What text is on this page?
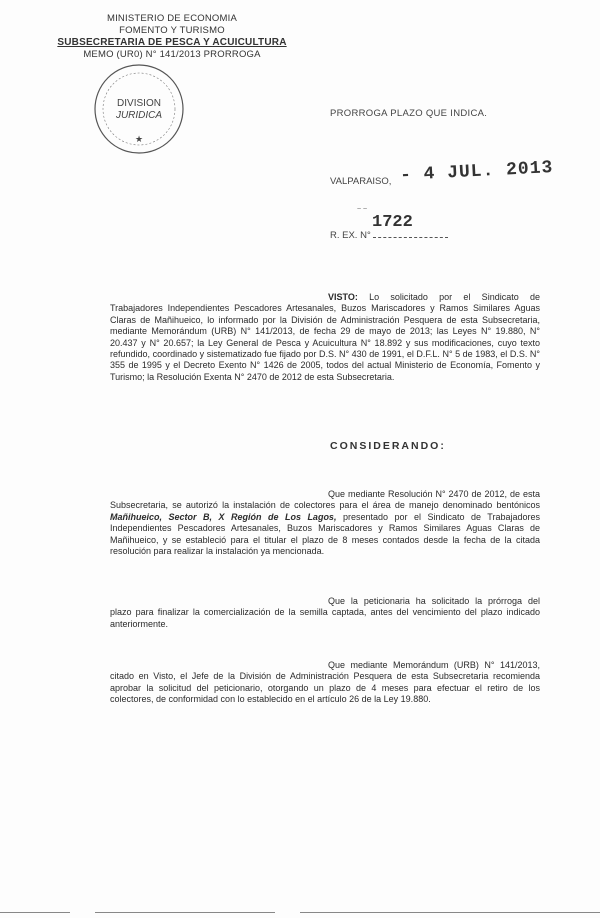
MINISTERIO DE ECONOMIA
FOMENTO Y TURISMO
SUBSECRETARIA DE PESCA Y ACUICULTURA
MEMO (UR0) N° 141/2013 PRORROGA
DIVISION
JURIDICA
★
PRORROGA PLAZO QUE INDICA.
VALPARAISO, - 4 JUL. 2013
~ ~
1722
R. EX. N°
VISTO: Lo solicitado por el Sindicato de Trabajadores Independientes Pescadores Artesanales, Buzos Mariscadores y Ramos Similares Aguas Claras de Mañihueico, lo informado por la División de Administración Pesquera de esta Subsecretaria, mediante Memorándum (URB) N° 141/2013, de fecha 29 de mayo de 2013; las Leyes N° 19.880, N° 20.437 y N° 20.657; la Ley General de Pesca y Acuicultura N° 18.892 y sus modificaciones, cuyo texto refundido, coordinado y sistematizado fue fijado por D.S. N° 430 de 1991, el D.F.L. N° 5 de 1983, el D.S. N° 355 de 1995 y el Decreto Exento N° 1426 de 2005, todos del actual Ministerio de Economía, Fomento y Turismo; la Resolución Exenta N° 2470 de 2012 de esta Subsecretaria.
CONSIDERANDO:
Que mediante Resolución N° 2470 de 2012, de esta Subsecretaria, se autorizó la instalación de colectores para el área de manejo denominado bentónicos Mañihueico, Sector B, X Región de Los Lagos, presentado por el Sindicato de Trabajadores Independientes Pescadores Artesanales, Buzos Mariscadores y Ramos Similares Aguas Claras de Mañihueico, y se estableció para el titular el plazo de 8 meses contados desde la fecha de la citada resolución para realizar la instalación ya mencionada.
Que la peticionaria ha solicitado la prórroga del plazo para finalizar la comercialización de la semilla captada, antes del vencimiento del plazo indicado anteriormente.
Que mediante Memorándum (URB) N° 141/2013, citado en Visto, el Jefe de la División de Administración Pesquera de esta Subsecretaria recomienda aprobar la solicitud del peticionario, otorgando un plazo de 4 meses para efectuar el retiro de los colectores, de conformidad con lo establecido en el artículo 26 de la Ley 19.880.
